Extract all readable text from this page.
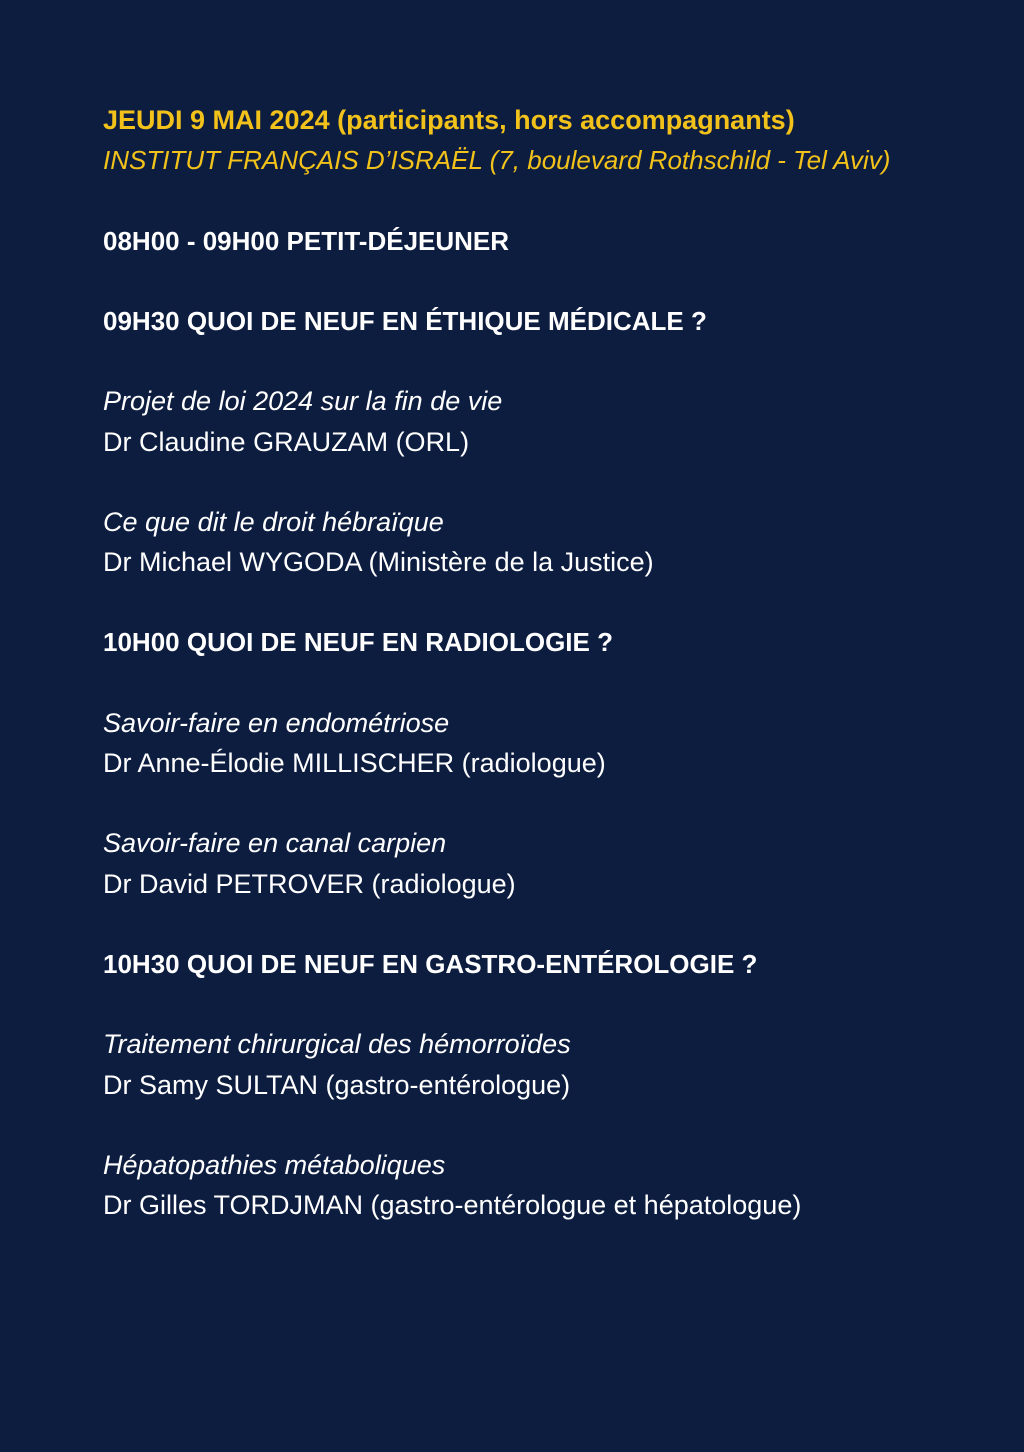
JEUDI 9 MAI 2024 (participants, hors accompagnants)
INSTITUT FRANÇAIS D’ISRAËL (7, boulevard Rothschild - Tel Aviv)
08H00 - 09H00 PETIT-DÉJEUNER
09H30 QUOI DE NEUF EN ÉTHIQUE MÉDICALE ?
Projet de loi 2024 sur la fin de vie
Dr Claudine GRAUZAM (ORL)
Ce que dit le droit hébraïque
Dr Michael WYGODA (Ministère de la Justice)
10H00 QUOI DE NEUF EN RADIOLOGIE ?
Savoir-faire en endométriose
Dr Anne-Élodie MILLISCHER (radiologue)
Savoir-faire en canal carpien
Dr David PETROVER (radiologue)
10H30 QUOI DE NEUF EN GASTRO-ENTÉROLOGIE ?
Traitement chirurgical des hémorroïdes
Dr Samy SULTAN (gastro-entérologue)
Hépatopathies métaboliques
Dr Gilles TORDJMAN (gastro-entérologue et hépatologue)
